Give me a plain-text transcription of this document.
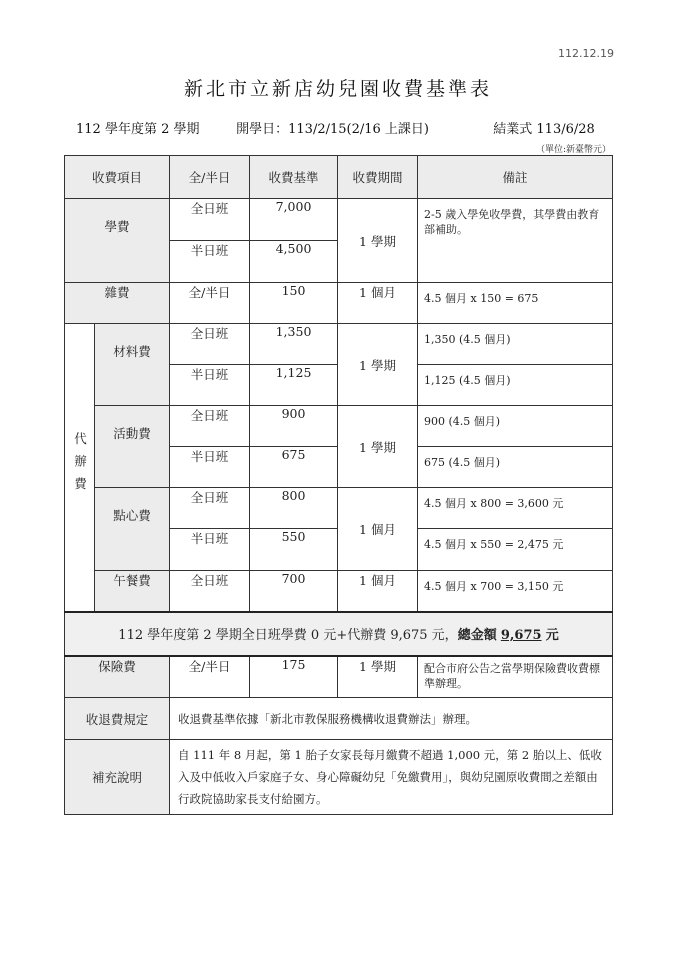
112.12.19
新北市立新店幼兒園收費基準表
112 學年度第 2 學期	開學日：113/2/15(2/16 上課日)	結業式 113/6/28
（單位:新臺幣元）
收費項目		全/半日	收費基準	收費期間	備註
學費		全日班	7,000	1 學期	2-5 歲入學免收學費，其學費由教育部補助。
		半日班	4,500		
雜費		全/半日	150	1 個月	4.5 個月 x 150 = 675
代辦費	材料費	全日班	1,350	1 學期	1,350 (4.5 個月)
		半日班	1,125		1,125 (4.5 個月)
	活動費	全日班	900	1 學期	900 (4.5 個月)
		半日班	675		675 (4.5 個月)
	點心費	全日班	800	1 個月	4.5 個月 x 800 = 3,600 元
		半日班	550		4.5 個月 x 550 = 2,475 元
	午餐費	全日班	700	1 個月	4.5 個月 x 700 = 3,150 元
112 學年度第 2 學期全日班學費 0 元+代辦費 9,675 元，總金額 9,675 元					
保險費		全/半日	175	1 學期	配合市府公告之當學期保險費收費標準辦理。
收退費規定		收退費基準依據「新北市教保服務機構收退費辦法」辦理。			
補充說明		自 111 年 8 月起，第 1 胎子女家長每月繳費不超過 1,000 元，第 2 胎以上、低收入及中低收入戶家庭子女、身心障礙幼兒「免繳費用」，與幼兒園原收費間之差額由行政院協助家長支付給園方。			
